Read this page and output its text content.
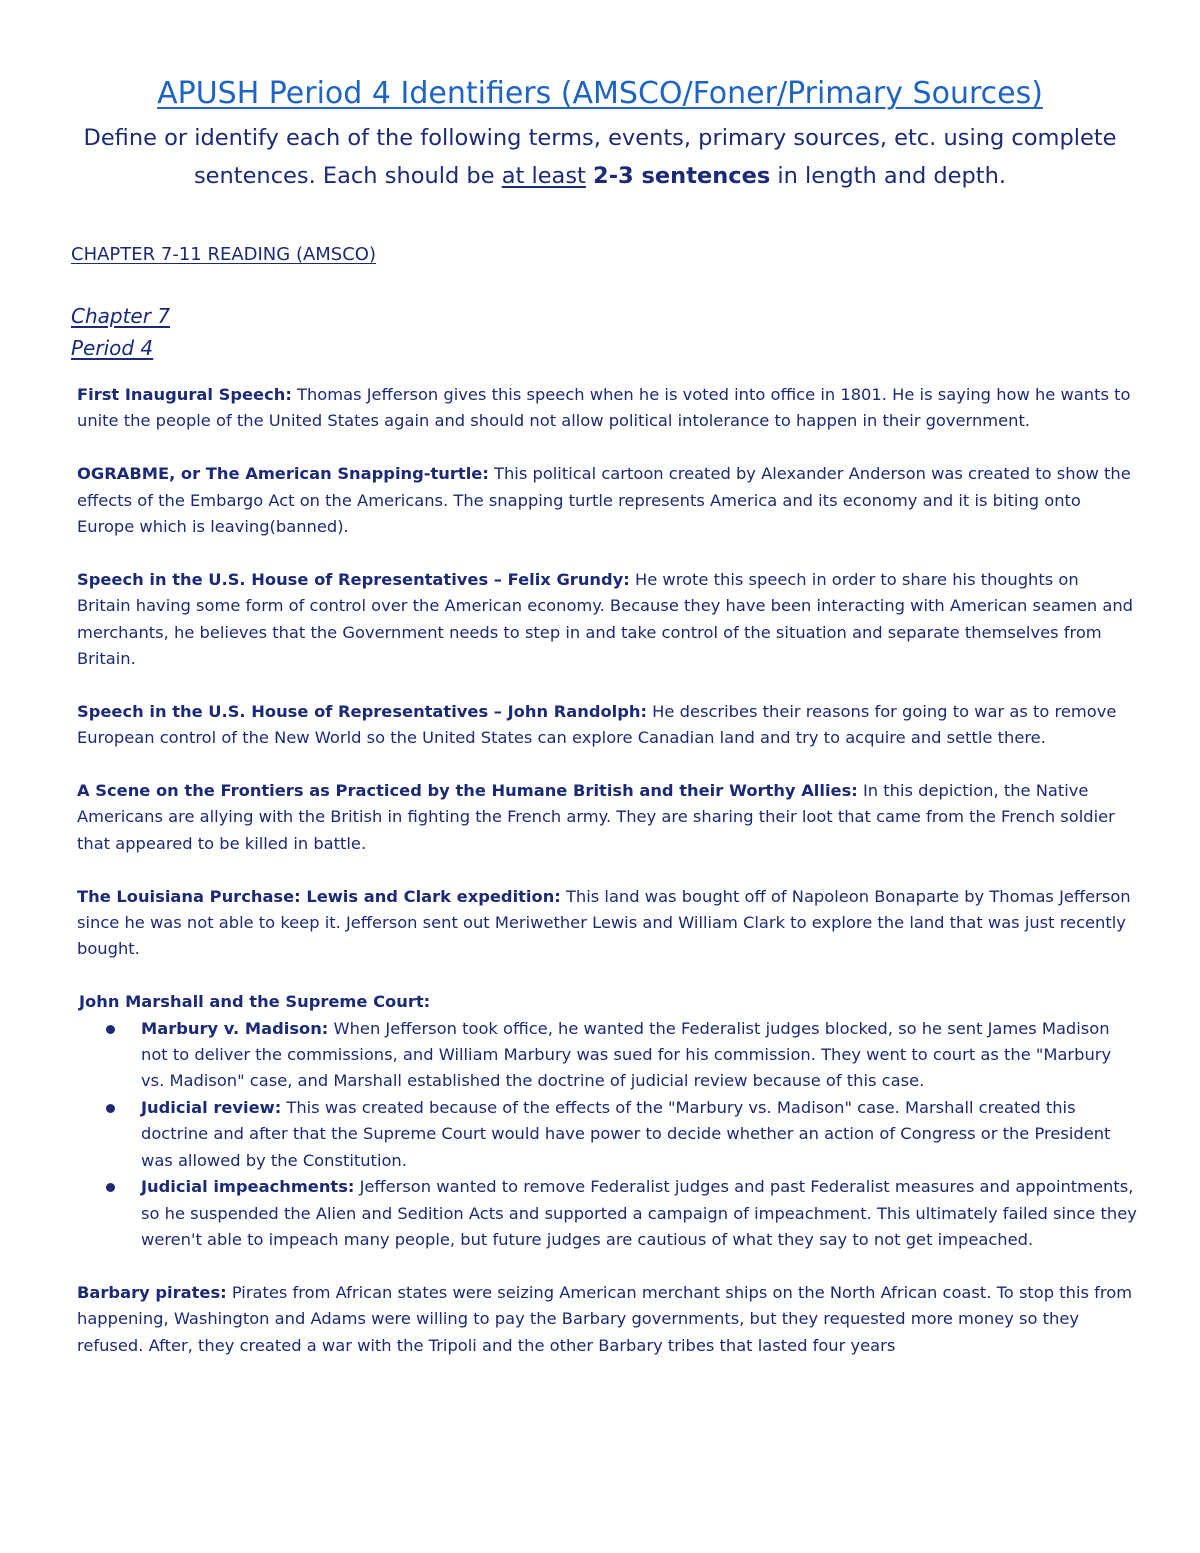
APUSH Period 4 Identifiers (AMSCO/Foner/Primary Sources)

Define or identify each of the following terms, events, primary sources, etc. using complete sentences. Each should be at least 2-3 sentences in length and depth.

CHAPTER 7-11 READING (AMSCO)
Chapter 7
Period 4

First Inaugural Speech: Thomas Jefferson gives this speech when he is voted into office in 1801. He is saying how he wants to unite the people of the United States again and should not allow political intolerance to happen in their government.

OGRABME, or The American Snapping-turtle: This political cartoon created by Alexander Anderson was created to show the effects of the Embargo Act on the Americans. The snapping turtle represents America and its economy and it is biting onto Europe which is leaving(banned).

Speech in the U.S. House of Representatives – Felix Grundy: He wrote this speech in order to share his thoughts on Britain having some form of control over the American economy. Because they have been interacting with American seamen and merchants, he believes that the Government needs to step in and take control of the situation and separate themselves from Britain.

Speech in the U.S. House of Representatives – John Randolph: He describes their reasons for going to war as to remove European control of the New World so the United States can explore Canadian land and try to acquire and settle there.

A Scene on the Frontiers as Practiced by the Humane British and their Worthy Allies: In this depiction, the Native Americans are allying with the British in fighting the French army. They are sharing their loot that came from the French soldier that appeared to be killed in battle.

The Louisiana Purchase: Lewis and Clark expedition: This land was bought off of Napoleon Bonaparte by Thomas Jefferson since he was not able to keep it. Jefferson sent out Meriwether Lewis and William Clark to explore the land that was just recently bought.

John Marshall and the Supreme Court:

Marbury v. Madison: When Jefferson took office, he wanted the Federalist judges blocked, so he sent James Madison not to deliver the commissions, and William Marbury was sued for his commission. They went to court as the "Marbury vs. Madison" case, and Marshall established the doctrine of judicial review because of this case.
Judicial review: This was created because of the effects of the "Marbury vs. Madison" case. Marshall created this doctrine and after that the Supreme Court would have power to decide whether an action of Congress or the President was allowed by the Constitution.
Judicial impeachments: Jefferson wanted to remove Federalist judges and past Federalist measures and appointments, so he suspended the Alien and Sedition Acts and supported a campaign of impeachment. This ultimately failed since they weren't able to impeach many people, but future judges are cautious of what they say to not get impeached.

Barbary pirates: Pirates from African states were seizing American merchant ships on the North African coast. To stop this from happening, Washington and Adams were willing to pay the Barbary governments, but they requested more money so they refused. After, they created a war with the Tripoli and the other Barbary tribes that lasted four years
